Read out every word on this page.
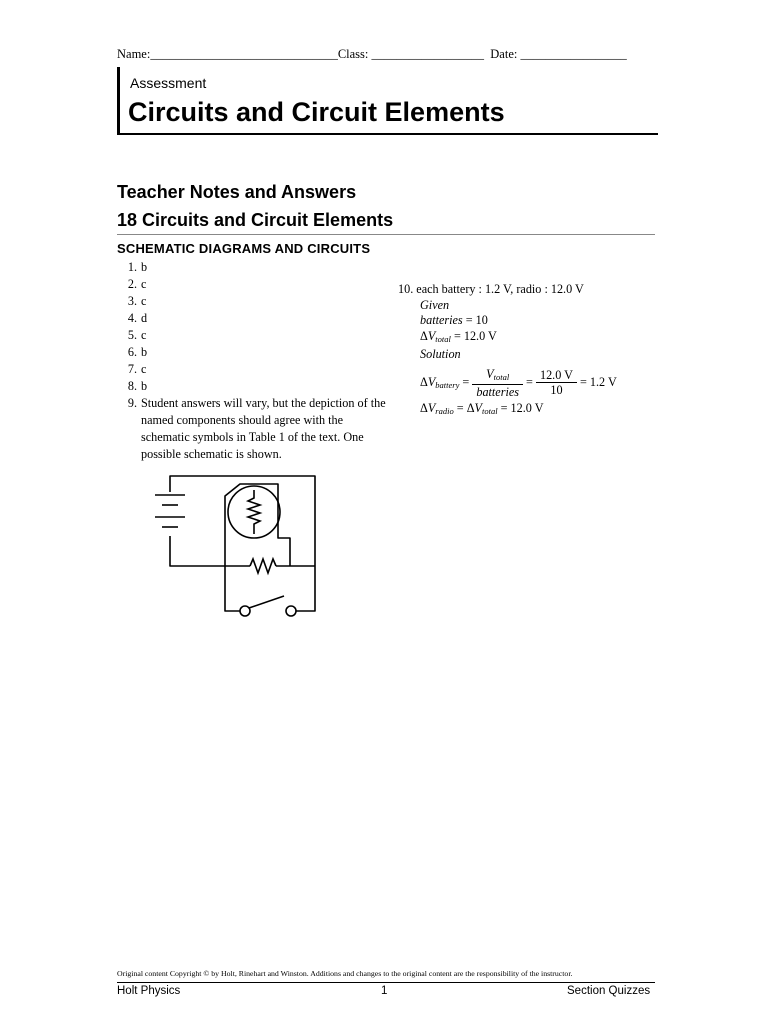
Name:______________________________Class: __________________ Date: _________________
Assessment
Circuits and Circuit Elements
Teacher Notes and Answers
18 Circuits and Circuit Elements
SCHEMATIC DIAGRAMS AND CIRCUITS
1. b
2. c
3. c
4. d
5. c
6. b
7. c
8. b
9. Student answers will vary, but the depiction of the named components should agree with the schematic symbols in Table 1 of the text. One possible schematic is shown.
10. each battery : 1.2 V, radio : 12.0 V
Given
batteries = 10
$\Delta V_{total} = 12.0$ V
Solution
$\Delta V_{battery} = \frac{V_{total}}{\text{batteries}} = \frac{12.0 V}{10} = 1.2$ V
$\Delta V_{radio} = \Delta V_{total} = 12.0$ V
Original content Copyright © by Holt, Rinehart and Winston. Additions and changes to the original content are the responsibility of the instructor.
Holt Physics	1	Section Quizzes
